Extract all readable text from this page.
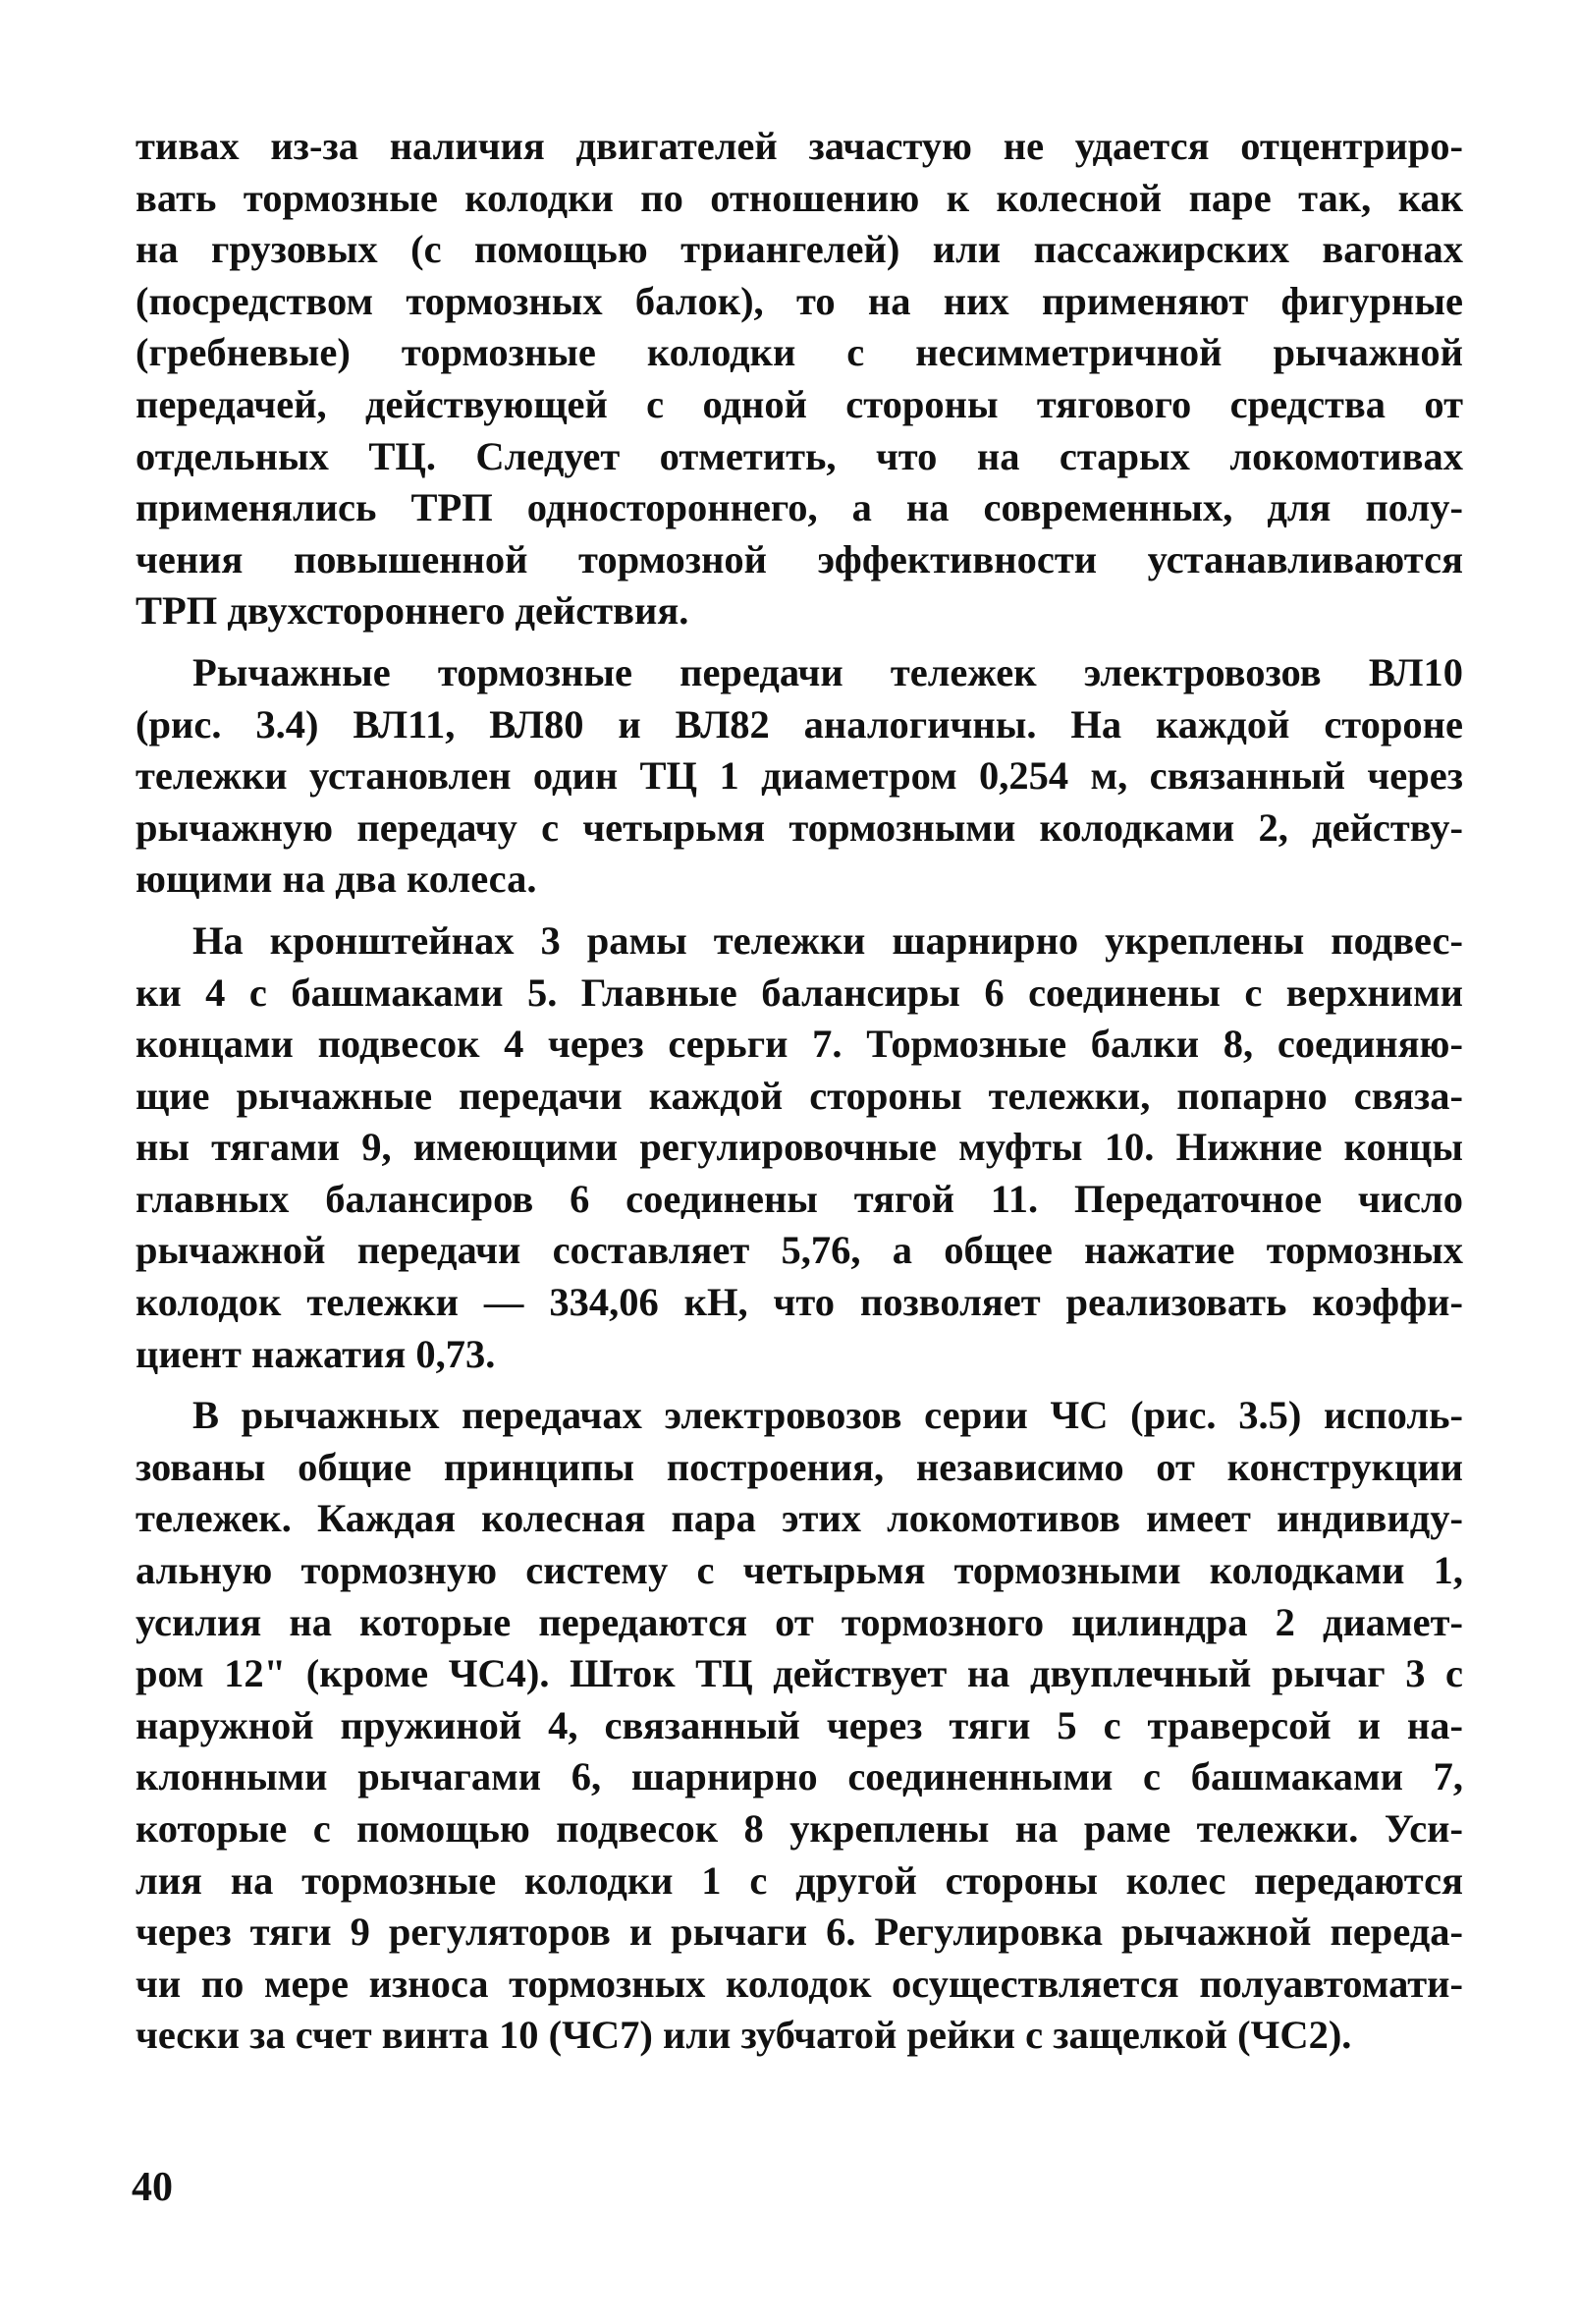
тивах из-за наличия двигателей зачастую не удается отцентриро-
вать тормозные колодки по отношению к колесной паре так, как
на грузовых (с помощью триангелей) или пассажирских вагонах
(посредством тормозных балок), то на них применяют фигурные
(гребневые) тормозные колодки с несимметричной рычажной
передачей, действующей с одной стороны тягового средства от
отдельных ТЦ. Следует отметить, что на старых локомотивах
применялись ТРП одностороннего, а на современных, для полу-
чения повышенной тормозной эффективности устанавливаются
ТРП двухстороннего действия.

Рычажные тормозные передачи тележек электровозов ВЛ10
(рис. 3.4) ВЛ11, ВЛ80 и ВЛ82 аналогичны. На каждой стороне
тележки установлен один ТЦ 1 диаметром 0,254 м, связанный через
рычажную передачу с четырьмя тормозными колодками 2, действу-
ющими на два колеса.

На кронштейнах 3 рамы тележки шарнирно укреплены подвес-
ки 4 с башмаками 5. Главные балансиры 6 соединены с верхними
концами подвесок 4 через серьги 7. Тормозные балки 8, соединяю-
щие рычажные передачи каждой стороны тележки, попарно связа-
ны тягами 9, имеющими регулировочные муфты 10. Нижние концы
главных балансиров 6 соединены тягой 11. Передаточное число
рычажной передачи составляет 5,76, а общее нажатие тормозных
колодок тележки — 334,06 кН, что позволяет реализовать коэффи-
циент нажатия 0,73.

В рычажных передачах электровозов серии ЧС (рис. 3.5) исполь-
зованы общие принципы построения, независимо от конструкции
тележек. Каждая колесная пара этих локомотивов имеет индивиду-
альную тормозную систему с четырьмя тормозными колодками 1,
усилия на которые передаются от тормозного цилиндра 2 диамет-
ром 12" (кроме ЧС4). Шток ТЦ действует на двуплечный рычаг 3 с
наружной пружиной 4, связанный через тяги 5 с траверсой и на-
клонными рычагами 6, шарнирно соединенными с башмаками 7,
которые с помощью подвесок 8 укреплены на раме тележки. Уси-
лия на тормозные колодки 1 с другой стороны колес передаются
через тяги 9 регуляторов и рычаги 6. Регулировка рычажной переда-
чи по мере износа тормозных колодок осуществляется полуавтомати-
чески за счет винта 10 (ЧС7) или зубчатой рейки с защелкой (ЧС2).

40
